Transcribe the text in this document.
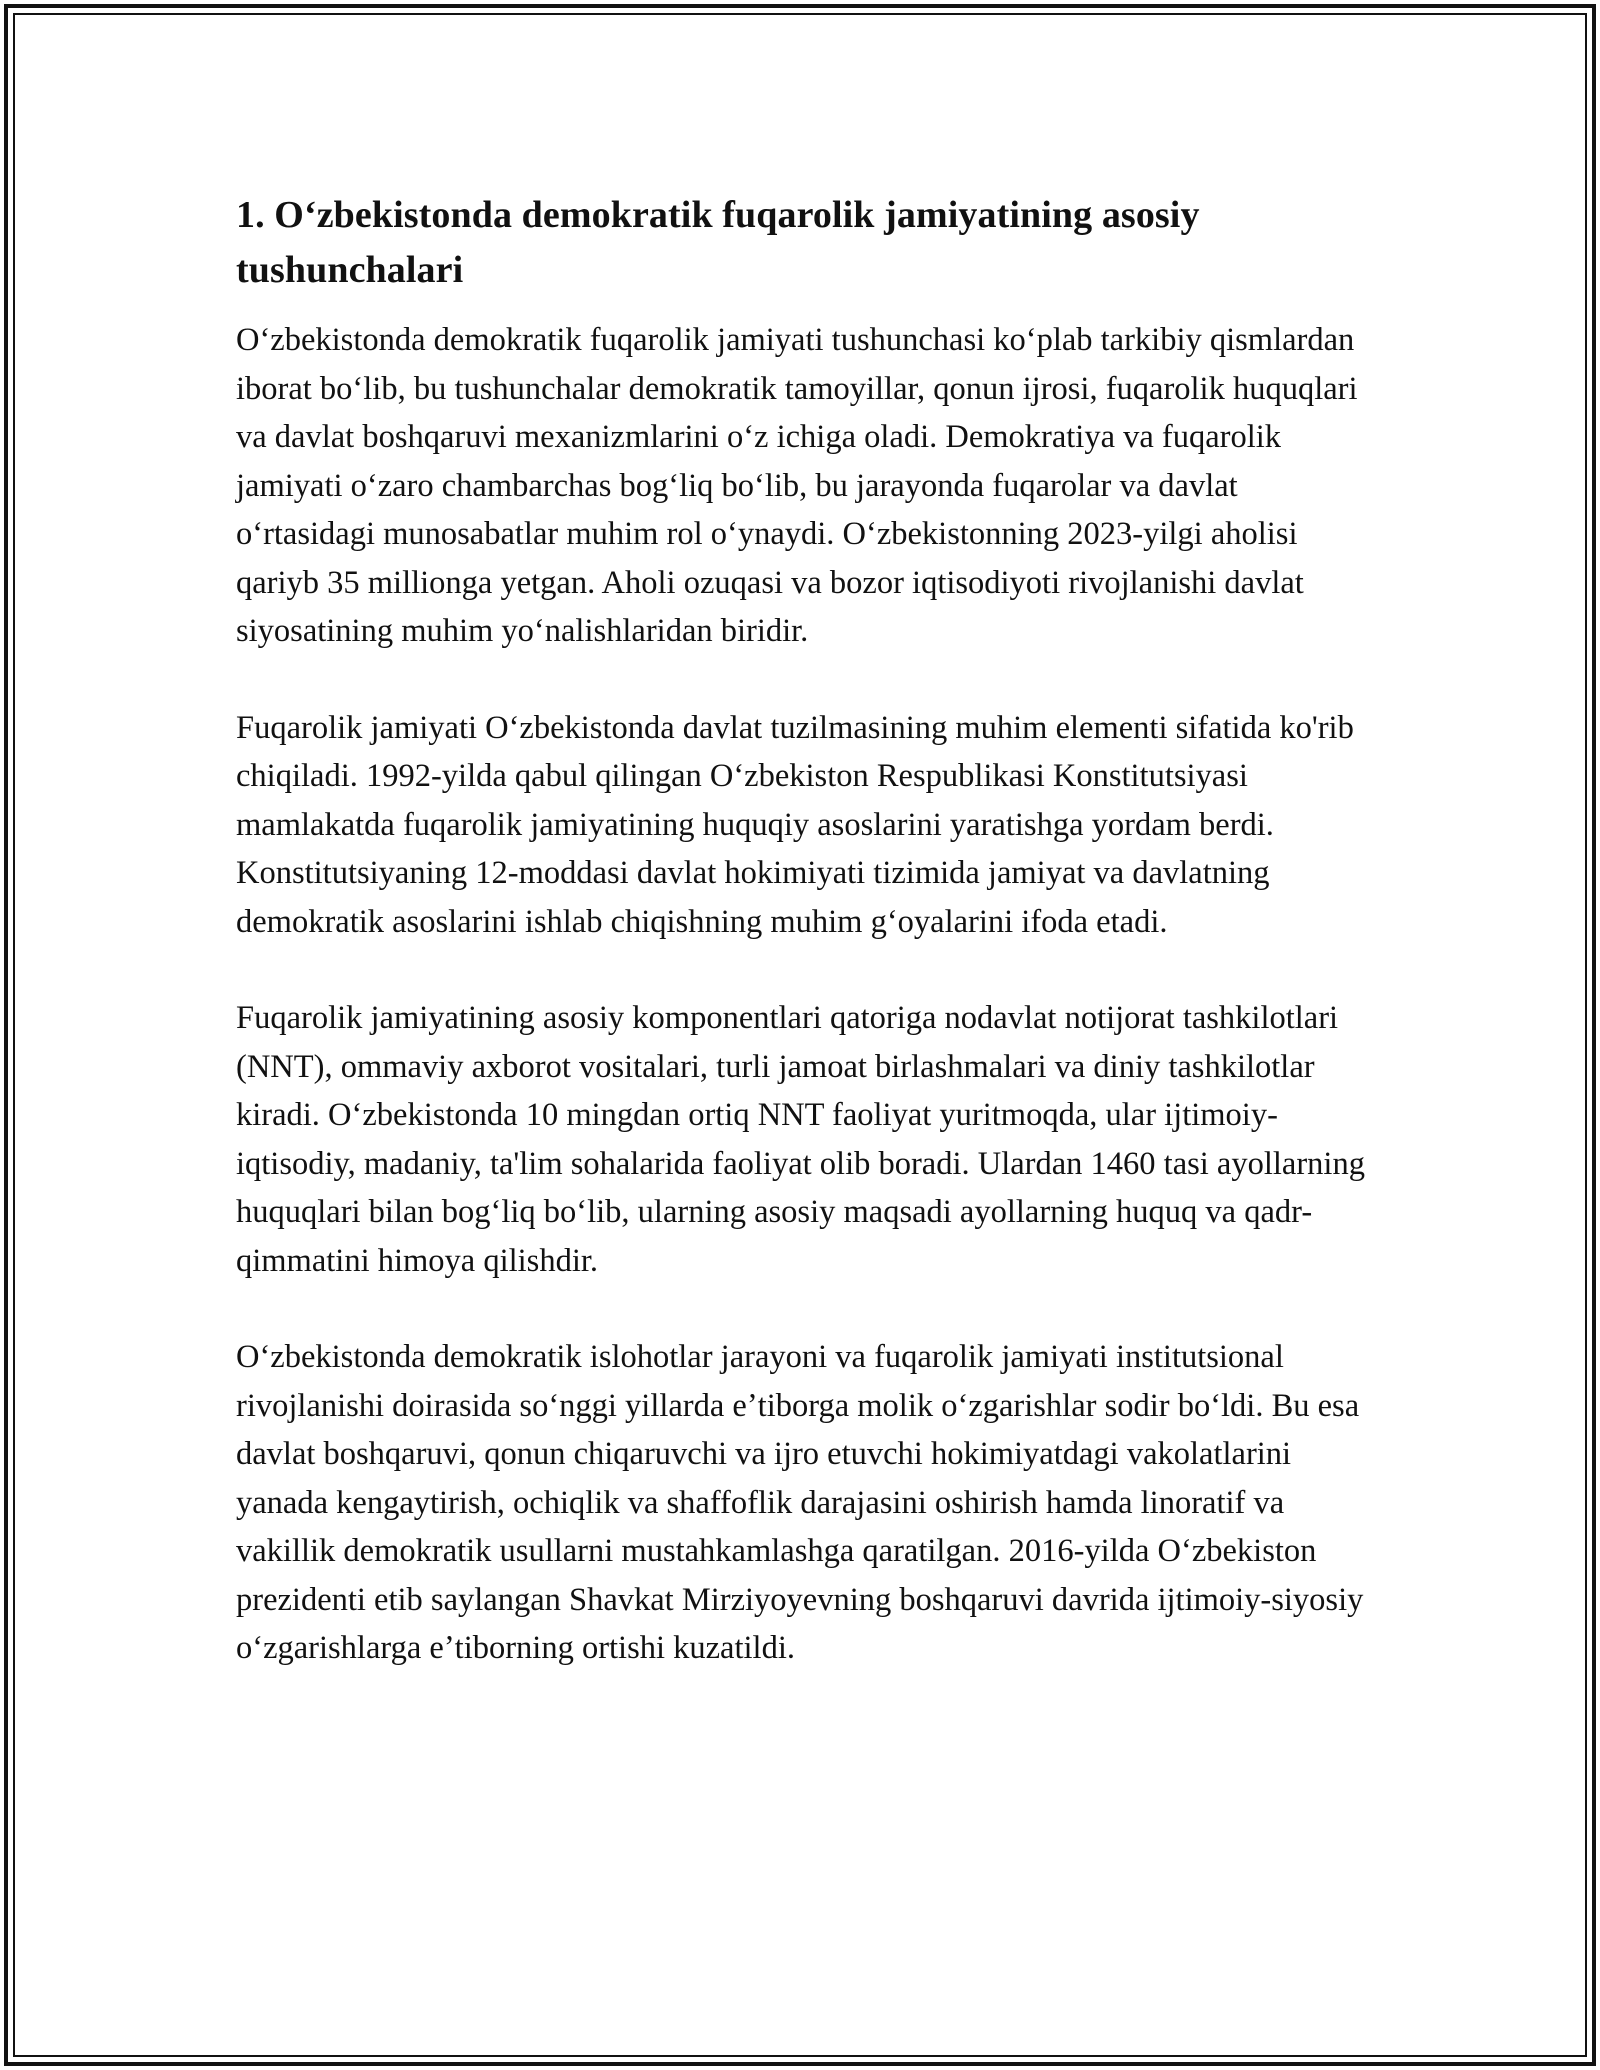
1. Oʻzbekistonda demokratik fuqarolik jamiyatining asosiy tushunchalari

Oʻzbekistonda demokratik fuqarolik jamiyati tushunchasi koʻplab tarkibiy qismlardan iborat boʻlib, bu tushunchalar demokratik tamoyillar, qonun ijrosi, fuqarolik huquqlari va davlat boshqaruvi mexanizmlarini oʻz ichiga oladi. Demokratiya va fuqarolik jamiyati oʻzaro chambarchas bogʻliq boʻlib, bu jarayonda fuqarolar va davlat oʻrtasidagi munosabatlar muhim rol oʻynaydi. Oʻzbekistonning 2023-yilgi aholisi qariyb 35 millionga yetgan. Aholi ozuqasi va bozor iqtisodiyoti rivojlanishi davlat siyosatining muhim yoʻnalishlaridan biridir.

Fuqarolik jamiyati Oʻzbekistonda davlat tuzilmasining muhim elementi sifatida ko'rib chiqiladi. 1992-yilda qabul qilingan Oʻzbekiston Respublikasi Konstitutsiyasi mamlakatda fuqarolik jamiyatining huquqiy asoslarini yaratishga yordam berdi. Konstitutsiyaning 12-moddasi davlat hokimiyati tizimida jamiyat va davlatning demokratik asoslarini ishlab chiqishning muhim gʻoyalarini ifoda etadi.

Fuqarolik jamiyatining asosiy komponentlari qatoriga nodavlat notijorat tashkilotlari (NNT), ommaviy axborot vositalari, turli jamoat birlashmalari va diniy tashkilotlar kiradi. Oʻzbekistonda 10 mingdan ortiq NNT faoliyat yuritmoqda, ular ijtimoiy-iqtisodiy, madaniy, ta'lim sohalarida faoliyat olib boradi. Ulardan 1460 tasi ayollarning huquqlari bilan bogʻliq boʻlib, ularning asosiy maqsadi ayollarning huquq va qadr-qimmatini himoya qilishdir.

Oʻzbekistonda demokratik islohotlar jarayoni va fuqarolik jamiyati institutsional rivojlanishi doirasida soʻnggi yillarda eʼtiborga molik oʻzgarishlar sodir boʻldi. Bu esa davlat boshqaruvi, qonun chiqaruvchi va ijro etuvchi hokimiyatdagi vakolatlarini yanada kengaytirish, ochiqlik va shaffoflik darajasini oshirish hamda linoratif va vakillik demokratik usullarni mustahkamlashga qaratilgan. 2016-yilda Oʻzbekiston prezidenti etib saylangan Shavkat Mirziyoyevning boshqaruvi davrida ijtimoiy-siyosiy oʻzgarishlarga eʼtiborning ortishi kuzatildi.
